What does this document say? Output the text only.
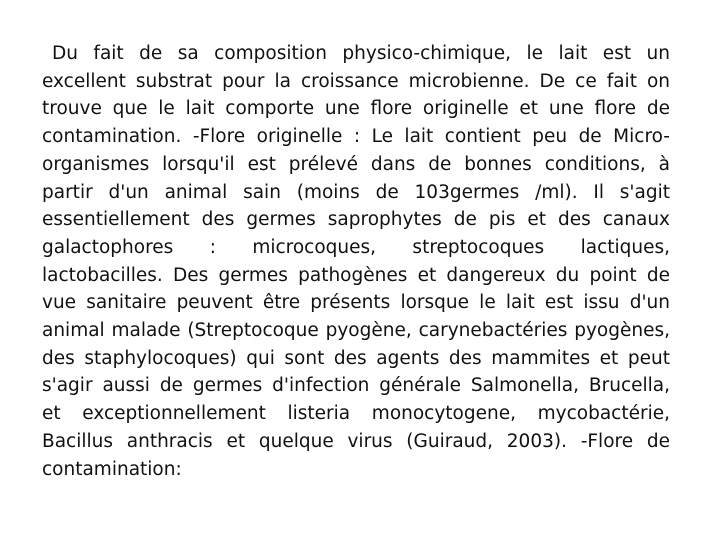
Du fait de sa composition physico-chimique, le lait est un excellent substrat pour la croissance microbienne. De ce fait on trouve que le lait comporte une flore originelle et une flore de contamination. -Flore originelle : Le lait contient peu de Micro-organismes lorsqu'il est prélevé dans de bonnes conditions, à partir d'un animal sain (moins de 103germes /ml). Il s'agit essentiellement des germes saprophytes de pis et des canaux galactophores : microcoques, streptocoques lactiques, lactobacilles. Des germes pathogènes et dangereux du point de vue sanitaire peuvent être présents lorsque le lait est issu d'un animal malade (Streptocoque pyogène, carynebactéries pyogènes, des staphylocoques) qui sont des agents des mammites et peut s'agir aussi de germes d'infection générale Salmonella, Brucella, et exceptionnellement listeria monocytogene, mycobactérie, Bacillus anthracis et quelque virus (Guiraud, 2003). -Flore de contamination:
